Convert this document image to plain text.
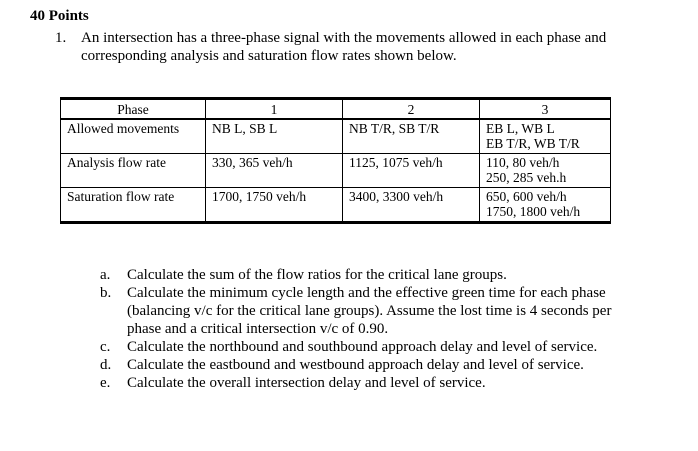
40 Points
1. An intersection has a three-phase signal with the movements allowed in each phase and corresponding analysis and saturation flow rates shown below.
Phase	1	2	3
Allowed movements	NB L, SB L	NB T/R, SB T/R	EB L, WB L
EB T/R, WB T/R

Analysis flow rate	330, 365 veh/h	1125, 1075 veh/h	110, 80 veh/h
250, 285 veh.h

Saturation flow rate	1700, 1750 veh/h	3400, 3300 veh/h	650, 600 veh/h
1750, 1800 veh/h
a. Calculate the sum of the flow ratios for the critical lane groups.
b. Calculate the minimum cycle length and the effective green time for each phase (balancing v/c for the critical lane groups). Assume the lost time is 4 seconds per phase and a critical intersection v/c of 0.90.
c. Calculate the northbound and southbound approach delay and level of service.
d. Calculate the eastbound and westbound approach delay and level of service.
e. Calculate the overall intersection delay and level of service.
